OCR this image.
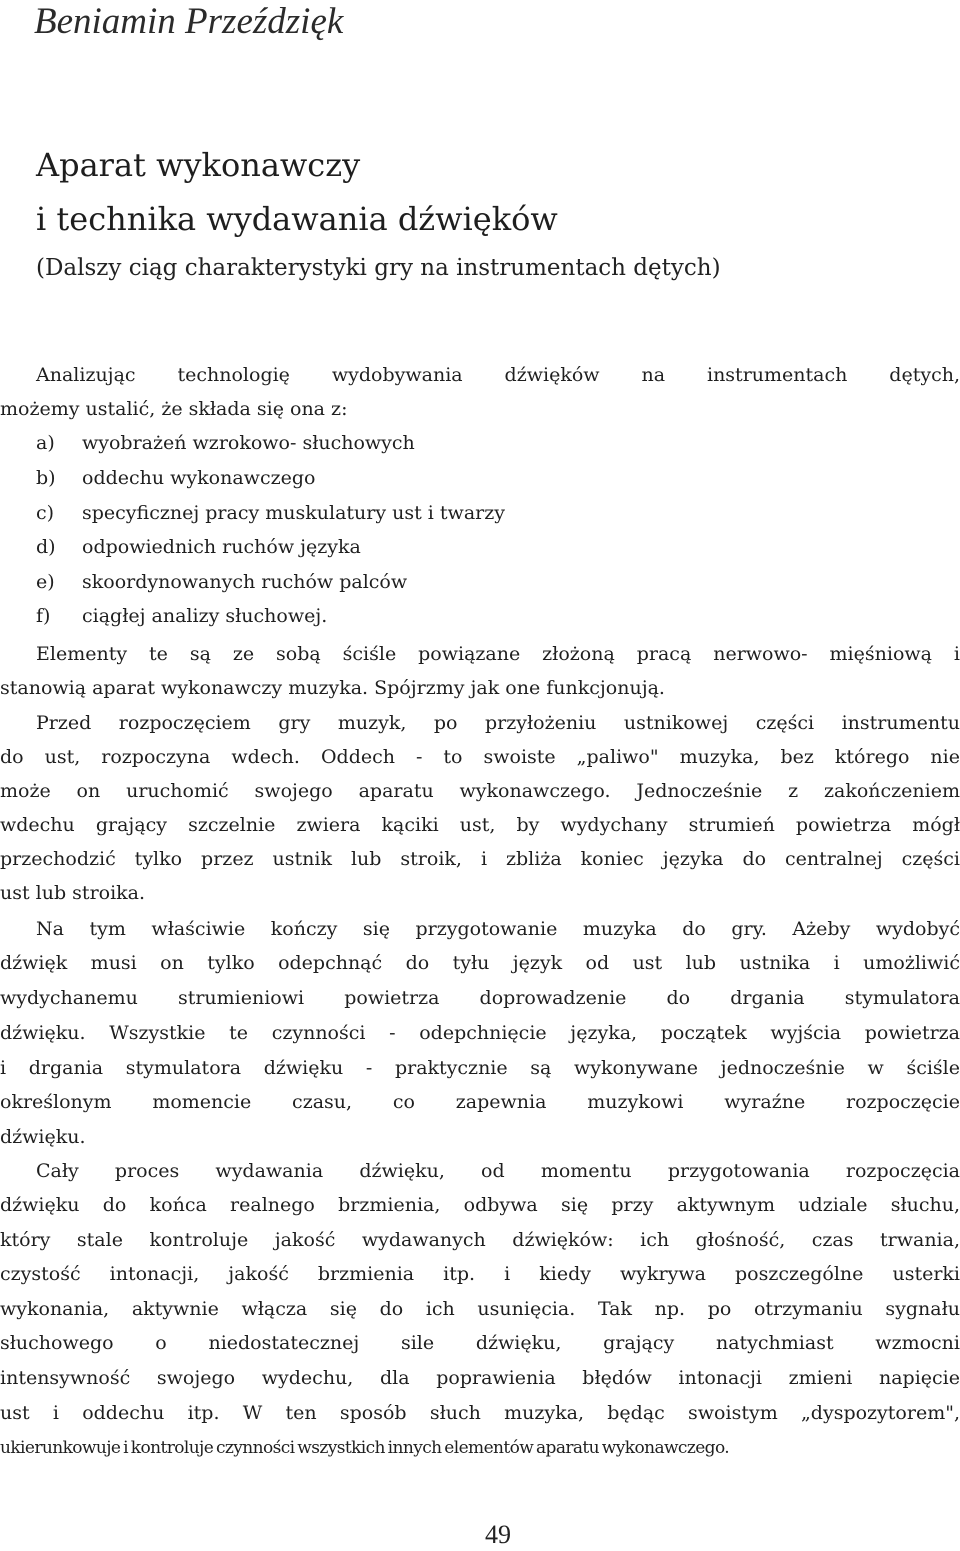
Beniamin Przeździęk
Aparat wykonawczy
i technika wydawania dźwięków
(Dalszy ciąg charakterystyki gry na instrumentach dętych)
Analizując technologię wydobywania dźwięków na instrumentach dętych,
możemy ustalić, że składa się ona z:
a) wyobrażeń wzrokowo- słuchowych
b) oddechu wykonawczego
c) specyficznej pracy muskulatury ust i twarzy
d) odpowiednich ruchów języka
e) skoordynowanych ruchów palców
f) ciągłej analizy słuchowej.
Elementy te są ze sobą ściśle powiązane złożoną pracą nerwowo- mięśniową i
stanowią aparat wykonawczy muzyka. Spójrzmy jak one funkcjonują.
Przed rozpoczęciem gry muzyk, po przyłożeniu ustnikowej części instrumentu
do ust, rozpoczyna wdech. Oddech - to swoiste „paliwo" muzyka, bez którego nie
może on uruchomić swojego aparatu wykonawczego. Jednocześnie z zakończeniem
wdechu grający szczelnie zwiera kąciki ust, by wydychany strumień powietrza mógł
przechodzić tylko przez ustnik lub stroik, i zbliża koniec języka do centralnej części
ust lub stroika.
Na tym właściwie kończy się przygotowanie muzyka do gry. Ażeby wydobyć
dźwięk musi on tylko odepchnąć do tyłu język od ust lub ustnika i umożliwić
wydychanemu strumieniowi powietrza doprowadzenie do drgania stymulatora
dźwięku. Wszystkie te czynności - odepchnięcie języka, początek wyjścia powietrza
i drgania stymulatora dźwięku - praktycznie są wykonywane jednocześnie w ściśle
określonym momencie czasu, co zapewnia muzykowi wyraźne rozpoczęcie
dźwięku.
Cały proces wydawania dźwięku, od momentu przygotowania rozpoczęcia
dźwięku do końca realnego brzmienia, odbywa się przy aktywnym udziale słuchu,
który stale kontroluje jakość wydawanych dźwięków: ich głośność, czas trwania,
czystość intonacji, jakość brzmienia itp. i kiedy wykrywa poszczególne usterki
wykonania, aktywnie włącza się do ich usunięcia. Tak np. po otrzymaniu sygnału
słuchowego o niedostatecznej sile dźwięku, grający natychmiast wzmocni
intensywność swojego wydechu, dla poprawienia błędów intonacji zmieni napięcie
ust i oddechu itp. W ten sposób słuch muzyka, będąc swoistym „dyspozytorem",
ukierunkowuje i kontroluje czynności wszystkich innych elementów aparatu wykonawczego.
49
